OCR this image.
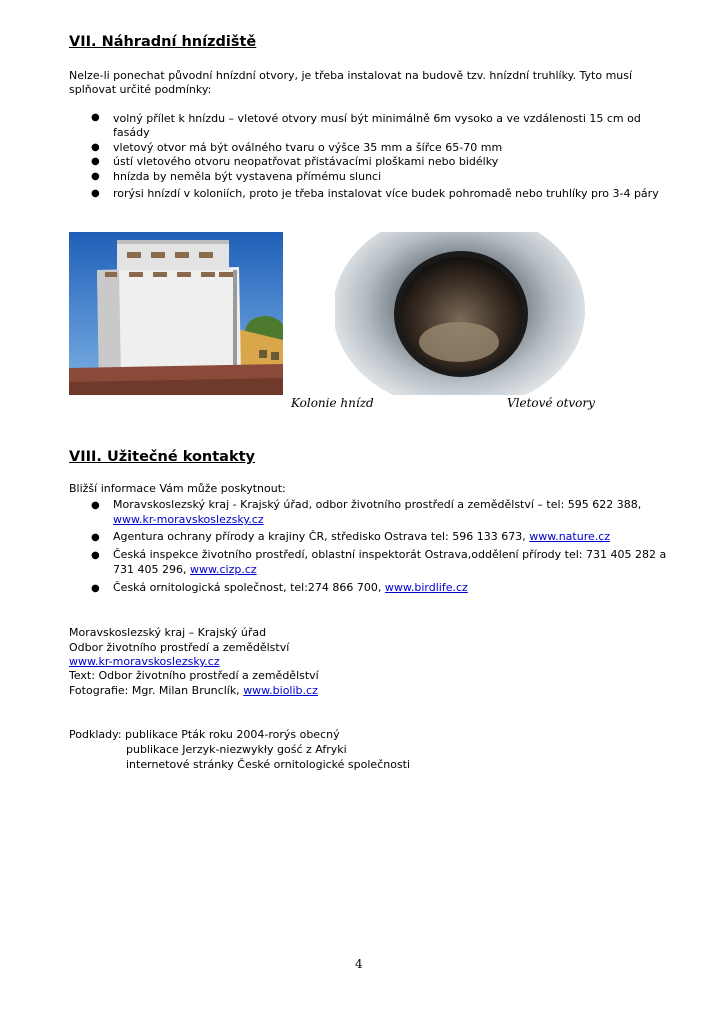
VII. Náhradní hnízdiště

Nelze-li ponechat původní hnízdní otvory, je třeba instalovat na budově tzv. hnízdní truhlíky. Tyto musí

splňovat určité podmínky:

● volný přílet k hnízdu – vletové otvory musí být minimálně 6m vysoko a ve vzdálenosti 15 cm od

fasády

● vletový otvor má být oválného tvaru o výšce 35 mm a šířce 65-70 mm

● ústí vletového otvoru neopatřovat přistávacími ploškami nebo bidélky

● hnízda by neměla být vystavena přímému slunci

● rorýsi hnízdí v koloniích, proto je třeba instalovat více budek pohromadě nebo truhlíky pro 3-4 páry

Kolonie hnízd	Vletové otvory
VIII. Užitečné kontakty

Bližší informace Vám může poskytnout:

● Moravskoslezský kraj - Krajský úřad, odbor životního prostředí a zemědělství – tel: 595 622 388,

www.kr-moravskoslezsky.cz

● Agentura ochrany přírody a krajiny ČR, středisko Ostrava tel: 596 133 673, www.nature.cz

● Česká inspekce životního prostředí, oblastní inspektorát Ostrava,oddělení přírody tel: 731 405 282 a

731 405 296, www.cizp.cz

● Česká ornitologická společnost, tel:274 866 700, www.birdlife.cz

Moravskoslezský kraj – Krajský úřad

Odbor životního prostředí a zemědělství

www.kr-moravskoslezsky.cz

Text: Odbor životního prostředí a zemědělství

Fotografie: Mgr. Milan Brunclík, www.biolib.cz

Podklady: publikace Pták roku 2004-rorýs obecný

publikace Jerzyk-niezwykły gość z Afryki

internetové stránky České ornitologické společnosti

4
